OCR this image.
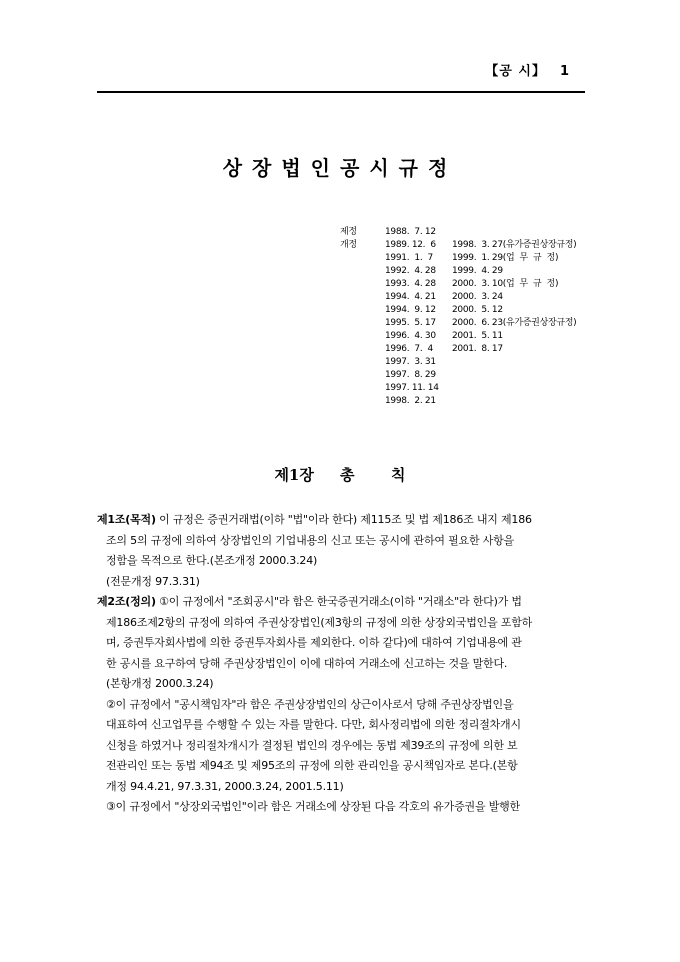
【공 시】 1
상장법인공시규정
제정	1988.  7. 12
개정	1989. 12.  6 1998.  3. 27(유가증권상장규정)
1991.  1.  7 1999.  1. 29(업  무  규  정)
1992.  4. 28 1999.  4. 29
1993.  4. 28 2000.  3. 10(업  무  규  정)
1994.  4. 21 2000.  3. 24
1994.  9. 12 2000.  5. 12
1995.  5. 17 2000.  6. 23(유가증권상장규정)
1996.  4. 30 2001.  5. 11
1996.  7.  4 2001.  8. 17
1997.  3. 31
1997.  8. 29
1997. 11. 14
1998.  2. 21
제1장 총 칙
제1조(목적) 이 규정은 증권거래법(이하 "법"이라 한다) 제115조 및 법 제186조 내지 제186
조의 5의 규정에 의하여 상장법인의 기업내용의 신고 또는 공시에 관하여 필요한 사항을
정함을 목적으로 한다.(본조개정 2000.3.24)
(전문개정 97.3.31)
제2조(정의) ①이 규정에서 "조회공시"라 함은 한국증권거래소(이하 "거래소"라 한다)가 법
제186조제2항의 규정에 의하여 주권상장법인(제3항의 규정에 의한 상장외국법인을 포함하
며, 증권투자회사법에 의한 증권투자회사를 제외한다. 이하 같다)에 대하여 기업내용에 관
한 공시를 요구하여 당해 주권상장법인이 이에 대하여 거래소에 신고하는 것을 말한다.
(본항개정 2000.3.24)
②이 규정에서 "공시책임자"라 함은 주권상장법인의 상근이사로서 당해 주권상장법인을
대표하여 신고업무를 수행할 수 있는 자를 말한다. 다만, 회사정리법에 의한 정리절차개시
신청을 하였거나 정리절차개시가 결정된 법인의 경우에는 동법 제39조의 규정에 의한 보
전관리인 또는 동법 제94조 및 제95조의 규정에 의한 관리인을 공시책임자로 본다.(본항
개정 94.4.21, 97.3.31, 2000.3.24, 2001.5.11)
③이 규정에서 "상장외국법인"이라 함은 거래소에 상장된 다음 각호의 유가증권을 발행한
